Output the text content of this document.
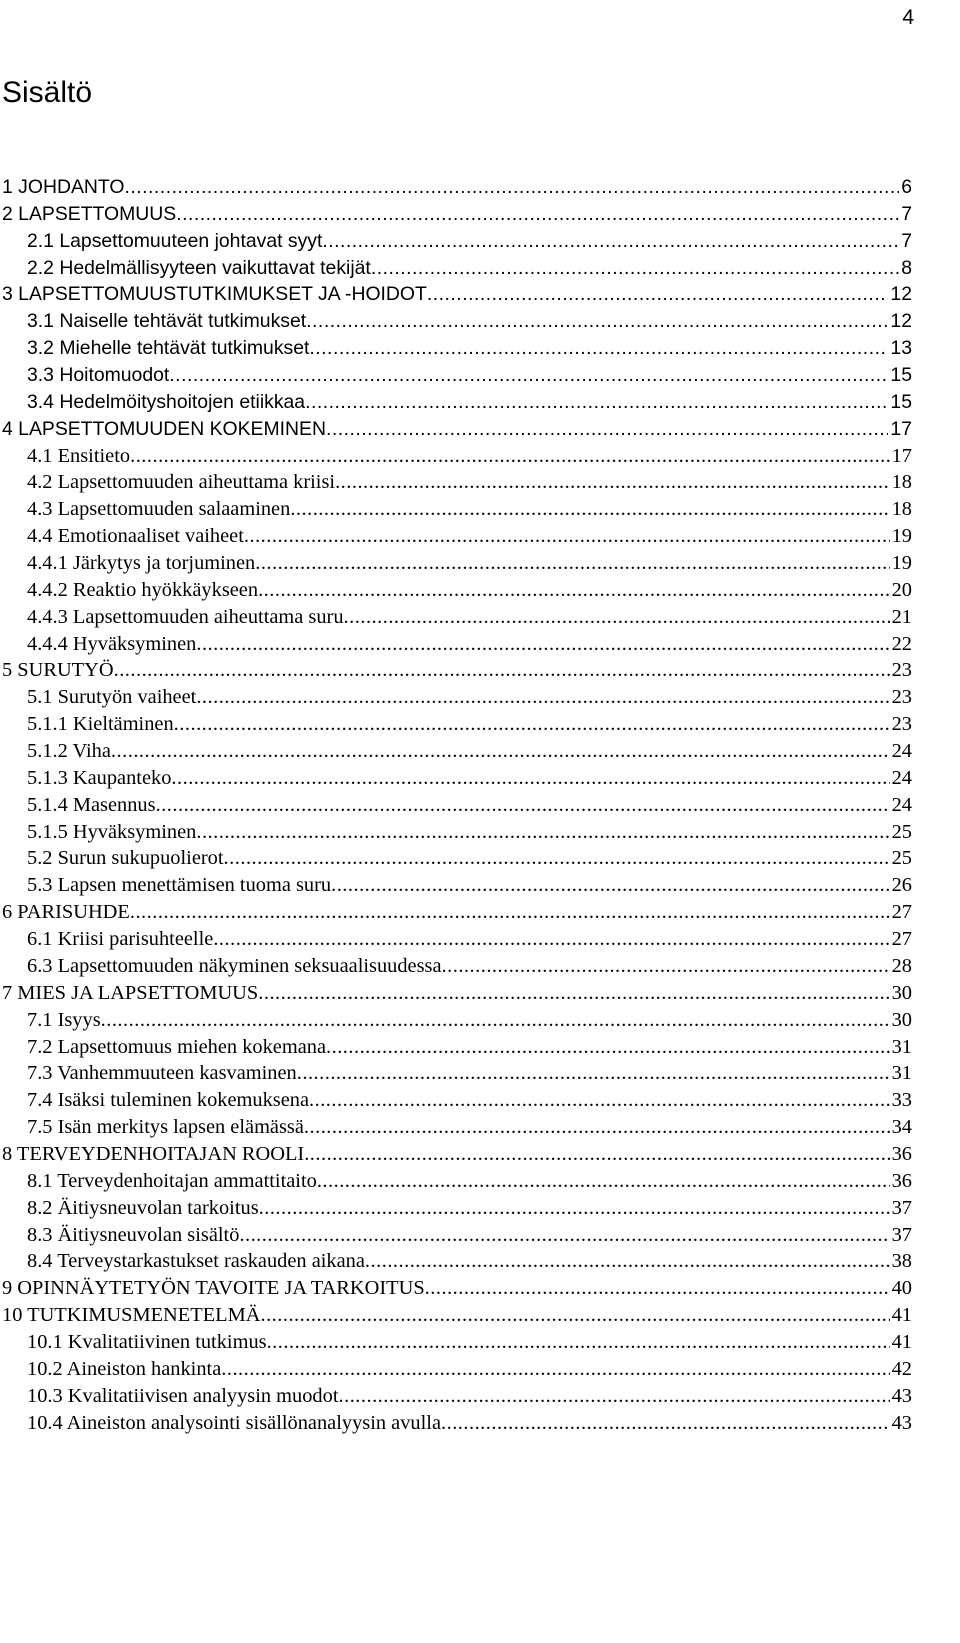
4
Sisältö
1 JOHDANTO .....	6
2 LAPSETTOMUUS .....	7
2.1 Lapsettomuuteen johtavat syyt .....	7
2.2 Hedelmällisyyteen vaikuttavat tekijät .....	8
3 LAPSETTOMUUSTUTKIMUKSET JA -HOIDOT .....	12
3.1 Naiselle tehtävät tutkimukset .....	12
3.2 Miehelle tehtävät tutkimukset .....	13
3.3 Hoitomuodot .....	15
3.4 Hedelmöityshoitojen etiikkaa .....	15
4 LAPSETTOMUUDEN KOKEMINEN .....	17
4.1 Ensitieto .....	17
4.2 Lapsettomuuden aiheuttama kriisi .....	18
4.3 Lapsettomuuden salaaminen .....	18
4.4 Emotionaaliset vaiheet .....	19
4.4.1 Järkytys ja torjuminen .....	19
4.4.2 Reaktio hyökkäykseen .....	20
4.4.3 Lapsettomuuden aiheuttama suru .....	21
4.4.4 Hyväksyminen .....	22
5 SURUTYÖ .....	23
5.1 Surutyön vaiheet .....	23
5.1.1 Kieltäminen .....	23
5.1.2 Viha .....	24
5.1.3 Kaupanteko .....	24
5.1.4 Masennus .....	24
5.1.5 Hyväksyminen .....	25
5.2 Surun sukupuolierot .....	25
5.3 Lapsen menettämisen tuoma suru .....	26
6 PARISUHDE .....	27
6.1 Kriisi parisuhteelle .....	27
6.3 Lapsettomuuden näkyminen seksuaalisuudessa .....	28
7 MIES JA LAPSETTOMUUS .....	30
7.1 Isyys .....	30
7.2 Lapsettomuus miehen kokemana .....	31
7.3 Vanhemmuuteen kasvaminen .....	31
7.4 Isäksi tuleminen kokemuksena .....	33
7.5 Isän merkitys lapsen elämässä .....	34
8 TERVEYDENHOITAJAN ROOLI .....	36
8.1 Terveydenhoitajan ammattitaito .....	36
8.2 Äitiysneuvolan tarkoitus .....	37
8.3 Äitiysneuvolan sisältö .....	37
8.4 Terveystarkastukset raskauden aikana .....	38
9 OPINNÄYTETYÖN TAVOITE JA TARKOITUS .....	40
10 TUTKIMUSMENETELMÄ .....	41
10.1 Kvalitatiivinen tutkimus .....	41
10.2 Aineiston hankinta .....	42
10.3 Kvalitatiivisen analyysin muodot .....	43
10.4 Aineiston analysointi sisällönanalyysin avulla .....	43
